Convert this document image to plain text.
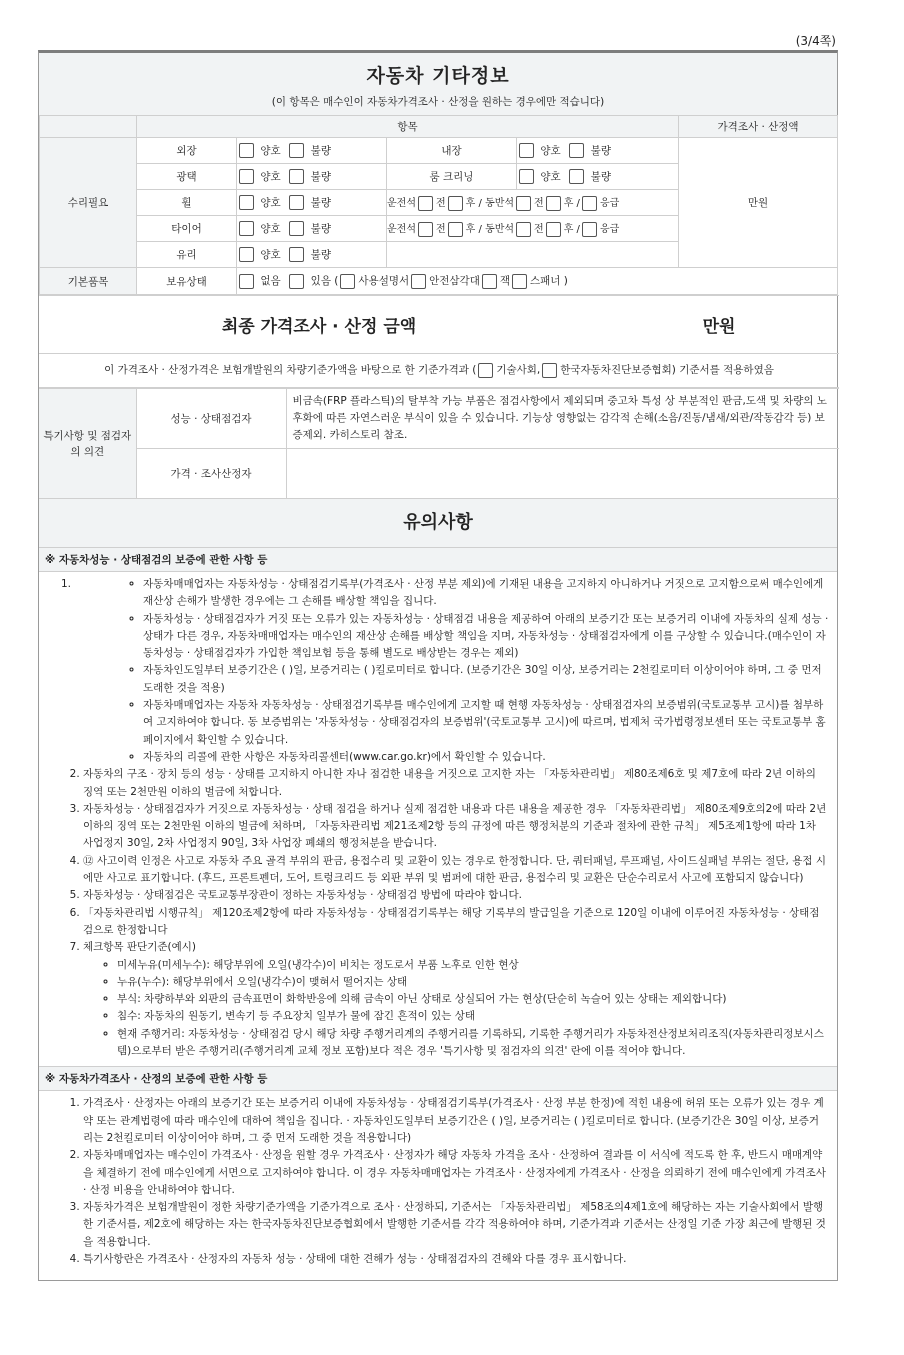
(3/4쪽)
자동차 기타정보
(이 항목은 매수인이 자동차가격조사 · 산정을 원하는 경우에만 적습니다)
	항목				가격조사 · 산정액
수리필요	외장	양호 불량	내장	양호 불량	만원
	광택	양호 불량	룸 크리닝	양호 불량	
	휠	양호 불량	운전석 전 후 / 동반석 전 후 / 응급		
	타이어	양호 불량	운전석 전 후 / 동반석 전 후 / 응급		
	유리	양호 불량			
기본품목	보유상태	없음 있음 ( 사용설명서 안전삼각대 잭 스패너 )			
최종 가격조사 · 산정 금액	만원
이 가격조사 · 산정가격은 보험개발원의 차량기준가액을 바탕으로 한 기준가격과 ( 기술사회, 한국자동차진단보증협회) 기준서를 적용하였음
특기사항 및 점검자의 의견	성능 · 상태점검자	비금속(FRP 플라스틱)의 탈부착 가능 부품은 점검사항에서 제외되며 중고차 특성 상 부분적인 판금,도색 및 차량의 노후화에 따른 자연스러운 부식이 있을 수 있습니다. 기능상 영향없는 감각적 손해(소음/진동/냄새/외관/작동감각 등) 보증제외. 카히스토리 참조.
	가격 · 조사산정자	
유의사항
※ 자동차성능 · 상태점검의 보증에 관한 사항 등
1.	◦ 자동차매매업자는 자동차성능 · 상태점검기록부(가격조사 · 산정 부분 제외)에 기재된 내용을 고지하지 아니하거나 거짓으로 고지함으로써 매수인에게 재산상 손해가 발생한 경우에는 그 손해를 배상할 책임을 집니다.
◦ 자동차성능 · 상태점검자가 거짓 또는 오류가 있는 자동차성능 · 상태점검 내용을 제공하여 아래의 보증기간 또는 보증거리 이내에 자동차의 실제 성능 · 상태가 다른 경우, 자동차매매업자는 매수인의 재산상 손해를 배상할 책임을 지며, 자동차성능 · 상태점검자에게 이를 구상할 수 있습니다.(매수인이 자동차성능 · 상태점검자가 가입한 책임보험 등을 통해 별도로 배상받는 경우는 제외)
◦ 자동차인도일부터 보증기간은 ( )일, 보증거리는 ( )킬로미터로 합니다. (보증기간은 30일 이상, 보증거리는 2천킬로미터 이상이어야 하며, 그 중 먼저 도래한 것을 적용)
◦ 자동차매매업자는 자동차 자동차성능 · 상태점검기록부를 매수인에게 고지할 때 현행 자동차성능 · 상태점검자의 보증범위(국토교통부 고시)를 첨부하여 고지하여야 합니다. 동 보증범위는 '자동차성능 · 상태점검자의 보증범위'(국토교통부 고시)에 따르며, 법제처 국가법령정보센터 또는 국토교통부 홈페이지에서 확인할 수 있습니다.
◦ 자동차의 리콜에 관한 사항은 자동차리콜센터(www.car.go.kr)에서 확인할 수 있습니다.
2. 자동차의 구조 · 장치 등의 성능 · 상태를 고지하지 아니한 자나 점검한 내용을 거짓으로 고지한 자는 「자동차관리법」 제80조제6호 및 제7호에 따라 2년 이하의 징역 또는 2천만원 이하의 벌금에 처합니다.
3. 자동차성능 · 상태점검자가 거짓으로 자동차성능 · 상태 점검을 하거나 실제 점검한 내용과 다른 내용을 제공한 경우 「자동차관리법」 제80조제9호의2에 따라 2년 이하의 징역 또는 2천만원 이하의 벌금에 처하며, 「자동차관리법 제21조제2항 등의 규정에 따른 행정처분의 기준과 절차에 관한 규칙」 제5조제1항에 따라 1차 사업정지 30일, 2차 사업정지 90일, 3차 사업장 폐쇄의 행정처분을 받습니다.
4. ⑫ 사고이력 인정은 사고로 자동차 주요 골격 부위의 판금, 용접수리 및 교환이 있는 경우로 한정합니다. 단, 쿼터패널, 루프패널, 사이드실패널 부위는 절단, 용접 시에만 사고로 표기합니다. (후드, 프론트펜더, 도어, 트렁크리드 등 외판 부위 및 범퍼에 대한 판금, 용접수리 및 교환은 단순수리로서 사고에 포함되지 않습니다)
5. 자동차성능 · 상태점검은 국토교통부장관이 정하는 자동차성능 · 상태점검 방법에 따라야 합니다.
6. 「자동차관리법 시행규칙」 제120조제2항에 따라 자동차성능 · 상태점검기록부는 해당 기록부의 발급일을 기준으로 120일 이내에 이루어진 자동차성능 · 상태점검으로 한정합니다
7. 체크항목 판단기준(예시)
◦ 미세누유(미세누수): 해당부위에 오일(냉각수)이 비치는 정도로서 부품 노후로 인한 현상
◦ 누유(누수): 해당부위에서 오일(냉각수)이 맺혀서 떨어지는 상태
◦ 부식: 차량하부와 외판의 금속표면이 화학반응에 의해 금속이 아닌 상태로 상실되어 가는 현상(단순히 녹슬어 있는 상태는 제외합니다)
◦ 침수: 자동차의 원동기, 변속기 등 주요장치 일부가 물에 잠긴 흔적이 있는 상태
◦ 현재 주행거리: 자동차성능 · 상태점검 당시 해당 차량 주행거리계의 주행거리를 기록하되, 기록한 주행거리가 자동차전산정보처리조직(자동차관리정보시스템)으로부터 받은 주행거리(주행거리계 교체 정보 포함)보다 적은 경우 '특기사항 및 점검자의 의견' 란에 이를 적어야 합니다.
※ 자동차가격조사 · 산정의 보증에 관한 사항 등
1. 가격조사 · 산정자는 아래의 보증기간 또는 보증거리 이내에 자동차성능 · 상태점검기록부(가격조사 · 산정 부분 한정)에 적힌 내용에 허위 또는 오류가 있는 경우 계약 또는 관계법령에 따라 매수인에 대하여 책임을 집니다. · 자동차인도일부터 보증기간은 ( )일, 보증거리는 ( )킬로미터로 합니다. (보증기간은 30일 이상, 보증거리는 2천킬로미터 이상이어야 하며, 그 중 먼저 도래한 것을 적용합니다)
2. 자동차매매업자는 매수인이 가격조사 · 산정을 원할 경우 가격조사 · 산정자가 해당 자동차 가격을 조사 · 산정하여 결과를 이 서식에 적도록 한 후, 반드시 매매계약을 체결하기 전에 매수인에게 서면으로 고지하여야 합니다. 이 경우 자동차매매업자는 가격조사 · 산정자에게 가격조사 · 산정을 의뢰하기 전에 매수인에게 가격조사 · 산정 비용을 안내하여야 합니다.
3. 자동차가격은 보험개발원이 정한 차량기준가액을 기준가격으로 조사 · 산정하되, 기준서는 「자동차관리법」 제58조의4제1호에 해당하는 자는 기술사회에서 발행한 기준서를, 제2호에 해당하는 자는 한국자동차진단보증협회에서 발행한 기준서를 각각 적용하여야 하며, 기준가격과 기준서는 산정일 기준 가장 최근에 발행된 것을 적용합니다.
4. 특기사항란은 가격조사 · 산정자의 자동차 성능 · 상태에 대한 견해가 성능 · 상태점검자의 견해와 다를 경우 표시합니다.
